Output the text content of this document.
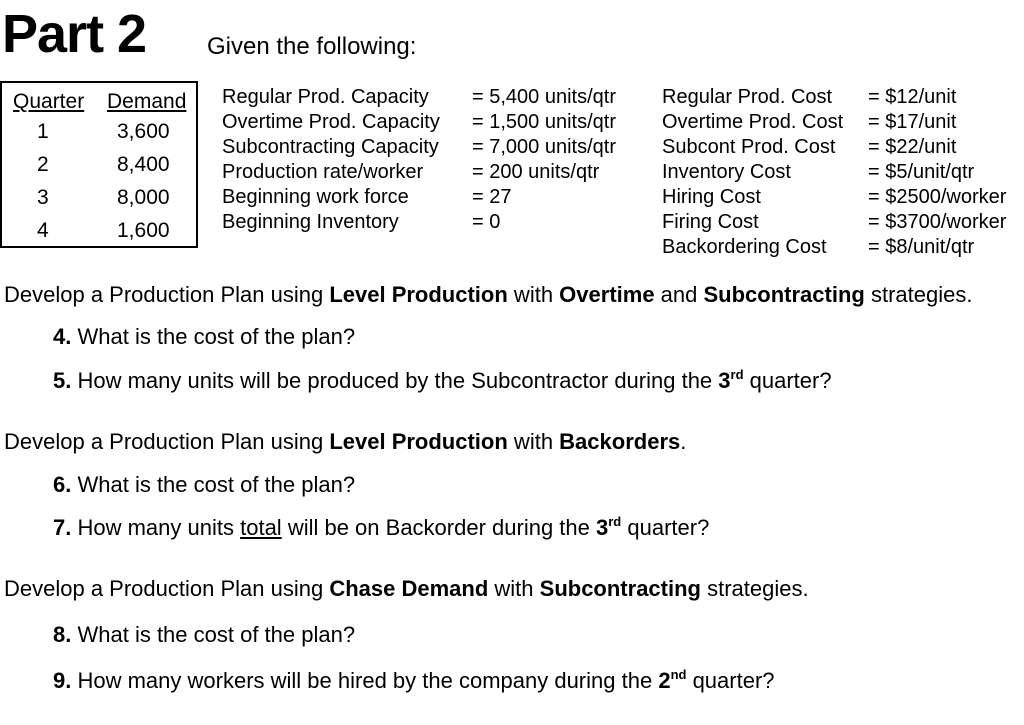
Part 2	Given the following:
Quarter Demand
1	3,600
2	8,400
3	8,000
4	1,600
Regular Prod. Capacity = 5,400 units/qtr
Overtime Prod. Capacity = 1,500 units/qtr
Subcontracting Capacity = 7,000 units/qtr
Production rate/worker = 200 units/qtr
Beginning work force	= 27
Beginning Inventory	= 0
Regular Prod. Cost = $12/unit
Overtime Prod. Cost = $17/unit
Subcont Prod. Cost = $22/unit
Inventory Cost	= $5/unit/qtr
Hiring Cost	= $2500/worker
Firing Cost	= $3700/worker
Backordering Cost = $8/unit/qtr
Develop a Production Plan using Level Production with Overtime and Subcontracting strategies.
4. What is the cost of the plan?
5. How many units will be produced by the Subcontractor during the 3rd quarter?
Develop a Production Plan using Level Production with Backorders.
6. What is the cost of the plan?
7. How many units total will be on Backorder during the 3rd quarter?
Develop a Production Plan using Chase Demand with Subcontracting strategies.
8. What is the cost of the plan?
9. How many workers will be hired by the company during the 2nd quarter?
